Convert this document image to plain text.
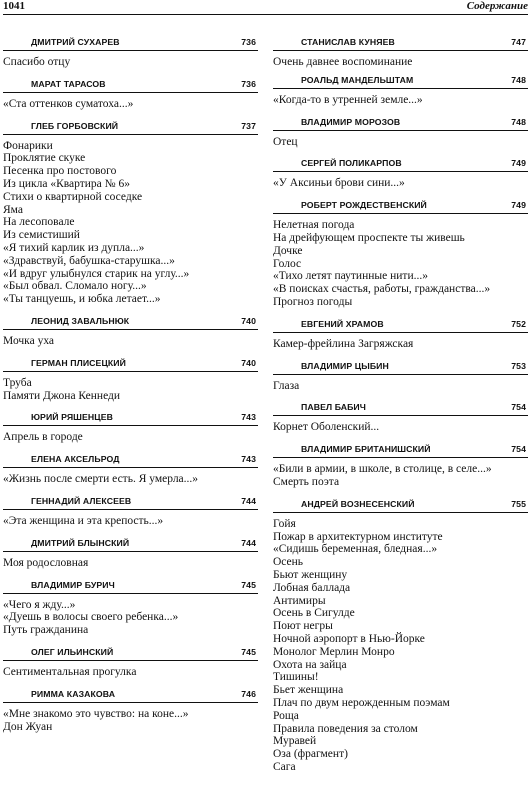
1041	Содержание
ДМИТРИЙ СУХАРЕВ	736
Спасибо отцу
МАРАТ ТАРАСОВ	736
«Ста оттенков суматоха...»
ГЛЕБ ГОРБОВСКИЙ	737
Фонарики
Проклятие скуке
Песенка про постового
Из цикла «Квартира № 6»
Стихи о квартирной соседке
Яма
На лесоповале
Из семистиший
«Я тихий карлик из дупла...»
«Здравствуй, бабушка-старушка...»
«И вдруг улыбнулся старик на углу...»
«Был обвал. Сломало ногу...»
«Ты танцуешь, и юбка летает...»
ЛЕОНИД ЗАВАЛЬНЮК	740
Мочка уха
ГЕРМАН ПЛИСЕЦКИЙ	740
Труба
Памяти Джона Кеннеди
ЮРИЙ РЯШЕНЦЕВ	743
Апрель в городе
ЕЛЕНА АКСЕЛЬРОД	743
«Жизнь после смерти есть. Я умерла...»
ГЕННАДИЙ АЛЕКСЕЕВ	744
«Эта женщина и эта крепость...»
ДМИТРИЙ БЛЫНСКИЙ	744
Моя родословная
ВЛАДИМИР БУРИЧ	745
«Чего я жду...»
«Дуешь в волосы своего ребенка...»
Путь гражданина
ОЛЕГ ИЛЬИНСКИЙ	745
Сентиментальная прогулка
РИММА КАЗАКОВА	746
«Мне знакомо это чувство: на коне...»
Дон Жуан
СТАНИСЛАВ КУНЯЕВ	747
Очень давнее воспоминание
РОАЛЬД МАНДЕЛЬШТАМ	748
«Когда-то в утренней земле...»
ВЛАДИМИР МОРОЗОВ	748
Отец
СЕРГЕЙ ПОЛИКАРПОВ	749
«У Аксиньи брови сини...»
РОБЕРТ РОЖДЕСТВЕНСКИЙ	749
Нелетная погода
На дрейфующем проспекте ты живешь
Дочке
Голос
«Тихо летят паутинные нити...»
«В поисках счастья, работы, гражданства...»
Прогноз погоды
ЕВГЕНИЙ ХРАМОВ	752
Камер-фрейлина Загряжская
ВЛАДИМИР ЦЫБИН	753
Глаза
ПАВЕЛ БАБИЧ	754
Корнет Оболенский...
ВЛАДИМИР БРИТАНИШСКИЙ	754
«Били в армии, в школе, в столице, в селе...»
Смерть поэта
АНДРЕЙ ВОЗНЕСЕНСКИЙ	755
Гойя
Пожар в архитектурном институте
«Сидишь беременная, бледная...»
Осень
Бьют женщину
Лобная баллада
Антимиры
Осень в Сигулде
Поют негры
Ночной аэропорт в Нью-Йорке
Монолог Мерлин Монро
Охота на зайца
Тишины!
Бьет женщина
Плач по двум нерожденным поэмам
Роща
Правила поведения за столом
Муравей
Оза (фрагмент)
Сага
